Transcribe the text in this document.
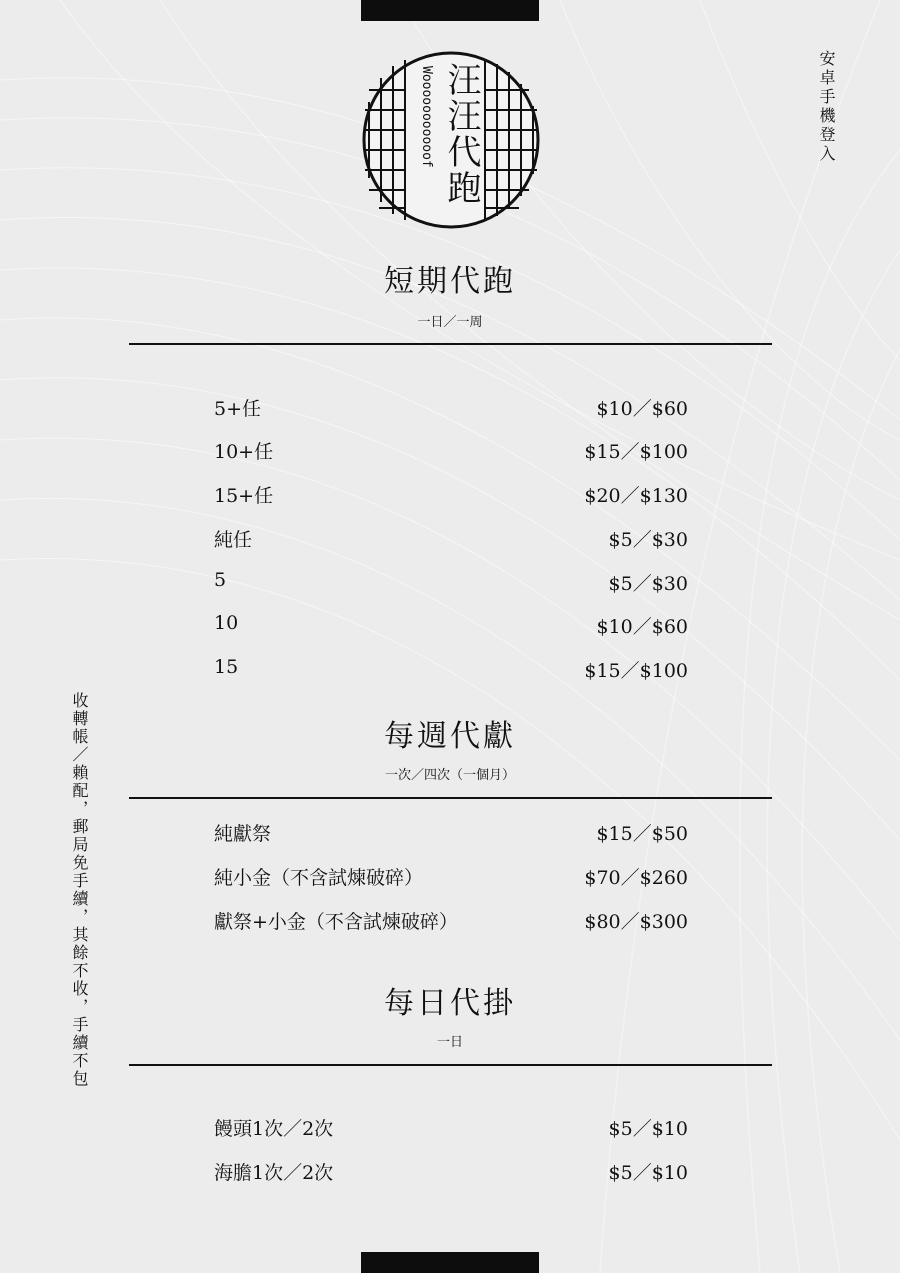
汪汪代跑
Wooooooooooof	安卓手機登入
收轉帳／賴配，郵局免手續，其餘不收，手續不包
短期代跑
一日／一周
5+任	$10／$60
10+任	$15／$100
15+任	$20／$130
純任	$5／$30
5	$5／$30
10	$10／$60
15	$15／$100
每週代獻
一次／四次（一個月）
純獻祭	$15／$50
純小金（不含試煉破碎）	$70／$260
獻祭+小金（不含試煉破碎）	$80／$300
每日代掛
一日
饅頭1次／2次	$5／$10
海膽1次／2次	$5／$10
